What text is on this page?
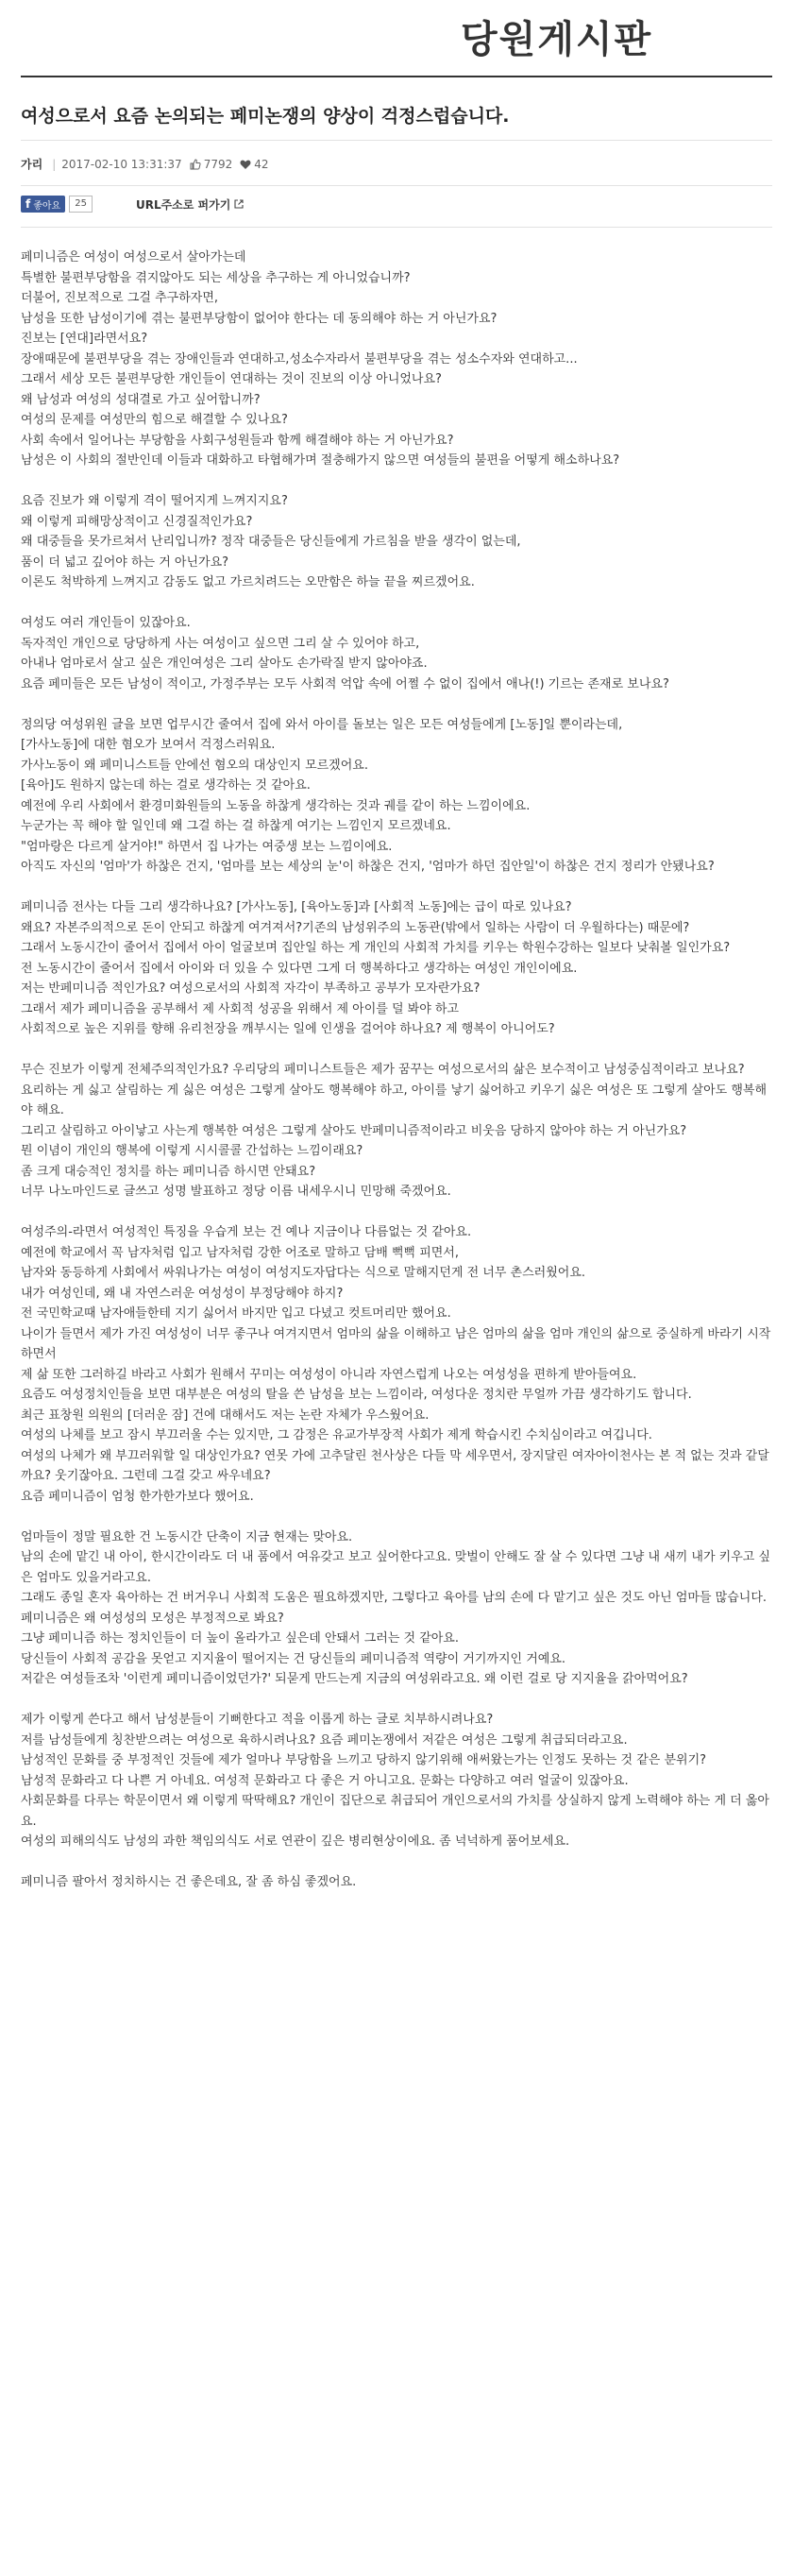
당원게시판
여성으로서 요즘 논의되는 페미논쟁의 양상이 걱정스럽습니다.
가리 | 2017-02-10 13:31:37 7792 42
f 좋아요	25	URL주소로 퍼가기

페미니즘은 여성이 여성으로서 살아가는데

특별한 불편부당함을 겪지않아도 되는 세상을 추구하는 게 아니었습니까?

더불어, 진보적으로 그걸 추구하자면,

남성을 또한 남성이기에 겪는 불편부당함이 없어야 한다는 데 동의해야 하는 거 아닌가요?

진보는 [연대]라면서요?

장애때문에 불편부당을 겪는 장애인들과 연대하고,성소수자라서 불편부당을 겪는 성소수자와 연대하고...

그래서 세상 모든 불편부당한 개인들이 연대하는 것이 진보의 이상 아니었나요?

왜 남성과 여성의 성대결로 가고 싶어합니까?

여성의 문제를 여성만의 힘으로 해결할 수 있나요?

사회 속에서 일어나는 부당함을 사회구성원들과 함께 해결해야 하는 거 아닌가요?

남성은 이 사회의 절반인데 이들과 대화하고 타협해가며 절충해가지 않으면 여성들의 불편을 어떻게 해소하나요?

요즘 진보가 왜 이렇게 격이 떨어지게 느껴지지요?

왜 이렇게 피해망상적이고 신경질적인가요?

왜 대중들을 못가르쳐서 난리입니까? 정작 대중들은 당신들에게 가르침을 받을 생각이 없는데,

품이 더 넓고 깊어야 하는 거 아닌가요?

이론도 척박하게 느껴지고 감동도 없고 가르치려드는 오만함은 하늘 끝을 찌르겠어요.

여성도 여러 개인들이 있잖아요.

독자적인 개인으로 당당하게 사는 여성이고 싶으면 그리 살 수 있어야 하고,

아내나 엄마로서 살고 싶은 개인여성은 그리 살아도 손가락질 받지 않아야죠.

요즘 페미들은 모든 남성이 적이고, 가정주부는 모두 사회적 억압 속에 어쩔 수 없이 집에서 애나(!) 기르는 존재로 보나요?

정의당 여성위원 글을 보면 업무시간 줄여서 집에 와서 아이를 돌보는 일은 모든 여성들에게 [노동]일 뿐이라는데,

[가사노동]에 대한 혐오가 보여서 걱정스러워요.

가사노동이 왜 페미니스트들 안에선 혐오의 대상인지 모르겠어요.

[육아]도 원하지 않는데 하는 걸로 생각하는 것 같아요.

예전에 우리 사회에서 환경미화원들의 노동을 하찮게 생각하는 것과 궤를 같이 하는 느낌이에요.

누군가는 꼭 해야 할 일인데 왜 그걸 하는 걸 하찮게 여기는 느낌인지 모르겠네요.

"엄마랑은 다르게 살거야!" 하면서 집 나가는 여중생 보는 느낌이에요.

아직도 자신의 '엄마'가 하찮은 건지, '엄마를 보는 세상의 눈'이 하찮은 건지, '엄마가 하던 집안일'이 하찮은 건지 정리가 안됐나요?

페미니즘 전사는 다들 그리 생각하나요? [가사노동], [육아노동]과 [사회적 노동]에는 급이 따로 있나요?

왜요? 자본주의적으로 돈이 안되고 하찮게 여겨져서?기존의 남성위주의 노동관(밖에서 일하는 사람이 더 우월하다는) 때문에?

그래서 노동시간이 줄어서 집에서 아이 얼굴보며 집안일 하는 게 개인의 사회적 가치를 키우는 학원수강하는 일보다 낮춰볼 일인가요?

전 노동시간이 줄어서 집에서 아이와 더 있을 수 있다면 그게 더 행복하다고 생각하는 여성인 개인이에요.

저는 반페미니즘 적인가요? 여성으로서의 사회적 자각이 부족하고 공부가 모자란가요?

그래서 제가 페미니즘을 공부해서 제 사회적 성공을 위해서 제 아이를 덜 봐야 하고

사회적으로 높은 지위를 향해 유리천장을 깨부시는 일에 인생을 걸어야 하나요? 제 행복이 아니어도?

무슨 진보가 이렇게 전체주의적인가요? 우리당의 페미니스트들은 제가 꿈꾸는 여성으로서의 삶은 보수적이고 남성중심적이라고 보나요?

요리하는 게 싫고 살림하는 게 싫은 여성은 그렇게 살아도 행복해야 하고, 아이를 낳기 싫어하고 키우기 싫은 여성은 또 그렇게 살아도 행복해야 해요.

그리고 살림하고 아이낳고 사는게 행복한 여성은 그렇게 살아도 반페미니즘적이라고 비웃음 당하지 않아야 하는 거 아닌가요?

뭔 이념이 개인의 행복에 이렇게 시시콜콜 간섭하는 느낌이래요?

좀 크게 대승적인 정치를 하는 페미니즘 하시면 안돼요?

너무 나노마인드로 글쓰고 성명 발표하고 정당 이름 내세우시니 민망해 죽겠어요.

여성주의-라면서 여성적인 특징을 우습게 보는 건 예나 지금이나 다름없는 것 같아요.

예전에 학교에서 꼭 남자처럼 입고 남자처럼 강한 어조로 말하고 담배 뻑뻑 피면서,

남자와 동등하게 사회에서 싸워나가는 여성이 여성지도자답다는 식으로 말해지던게 전 너무 촌스러웠어요.

내가 여성인데, 왜 내 자연스러운 여성성이 부정당해야 하지?

전 국민학교때 남자애들한테 지기 싫어서 바지만 입고 다녔고 컷트머리만 했어요.

나이가 들면서 제가 가진 여성성이 너무 좋구나 여겨지면서 엄마의 삶을 이해하고 남은 엄마의 삶을 엄마 개인의 삶으로 중실하게 바라기 시작하면서

제 삶 또한 그러하길 바라고 사회가 원해서 꾸미는 여성성이 아니라 자연스럽게 나오는 여성성을 편하게 받아들여요.

요즘도 여성정치인들을 보면 대부분은 여성의 탈을 쓴 남성을 보는 느낌이라, 여성다운 정치란 무얼까 가끔 생각하기도 합니다.

최근 표창원 의원의 [더러운 잠] 건에 대해서도 저는 논란 자체가 우스웠어요.

여성의 나체를 보고 잠시 부끄러울 수는 있지만, 그 감정은 유교가부장적 사회가 제게 학습시킨 수치심이라고 여깁니다.

여성의 나체가 왜 부끄러워할 일 대상인가요? 연못 가에 고추달린 천사상은 다들 막 세우면서, 장지달린 여자아이천사는 본 적 없는 것과 같달까요? 웃기잖아요. 그런데 그걸 갖고 싸우네요?

요즘 페미니즘이 엄청 한가한가보다 했어요.

엄마들이 정말 필요한 건 노동시간 단축이 지금 현재는 맞아요.

남의 손에 맡긴 내 아이, 한시간이라도 더 내 품에서 여유갖고 보고 싶어한다고요. 맞벌이 안해도 잘 살 수 있다면 그냥 내 새끼 내가 키우고 싶은 엄마도 있을거라고요.

그래도 종일 혼자 육아하는 건 버거우니 사회적 도움은 필요하겠지만, 그렇다고 육아를 남의 손에 다 맡기고 싶은 것도 아닌 엄마들 많습니다.

페미니즘은 왜 여성성의 모성은 부정적으로 봐요?

그냥 페미니즘 하는 정치인들이 더 높이 올라가고 싶은데 안돼서 그러는 것 같아요.

당신들이 사회적 공감을 못얻고 지지율이 떨어지는 건 당신들의 페미니즘적 역량이 거기까지인 거예요.

저같은 여성들조차 '이런게 페미니즘이었던가?' 되묻게 만드는게 지금의 여성위라고요. 왜 이런 걸로 당 지지율을 갉아먹어요?

제가 이렇게 쓴다고 해서 남성분들이 기뻐한다고 적을 이롭게 하는 글로 치부하시려나요?

저를 남성들에게 칭찬받으려는 여성으로 육하시려나요? 요즘 페미논쟁에서 저같은 여성은 그렇게 취급되더라고요.

남성적인 문화를 중 부정적인 것들에 제가 얼마나 부당함을 느끼고 당하지 않기위해 애써왔는가는 인정도 못하는 것 같은 분위기?

남성적 문화라고 다 나쁜 거 아네요. 여성적 문화라고 다 좋은 거 아니고요. 문화는 다양하고 여러 얼굴이 있잖아요.

사회문화를 다루는 학문이면서 왜 이렇게 딱딱해요? 개인이 집단으로 취급되어 개인으로서의 가치를 상실하지 않게 노력해야 하는 게 더 옳아요.

여성의 피해의식도 남성의 과한 책임의식도 서로 연관이 깊은 병리현상이에요. 좀 넉넉하게 품어보세요.

페미니즘 팔아서 정치하시는 건 좋은데요, 잘 좀 하심 좋겠어요.
